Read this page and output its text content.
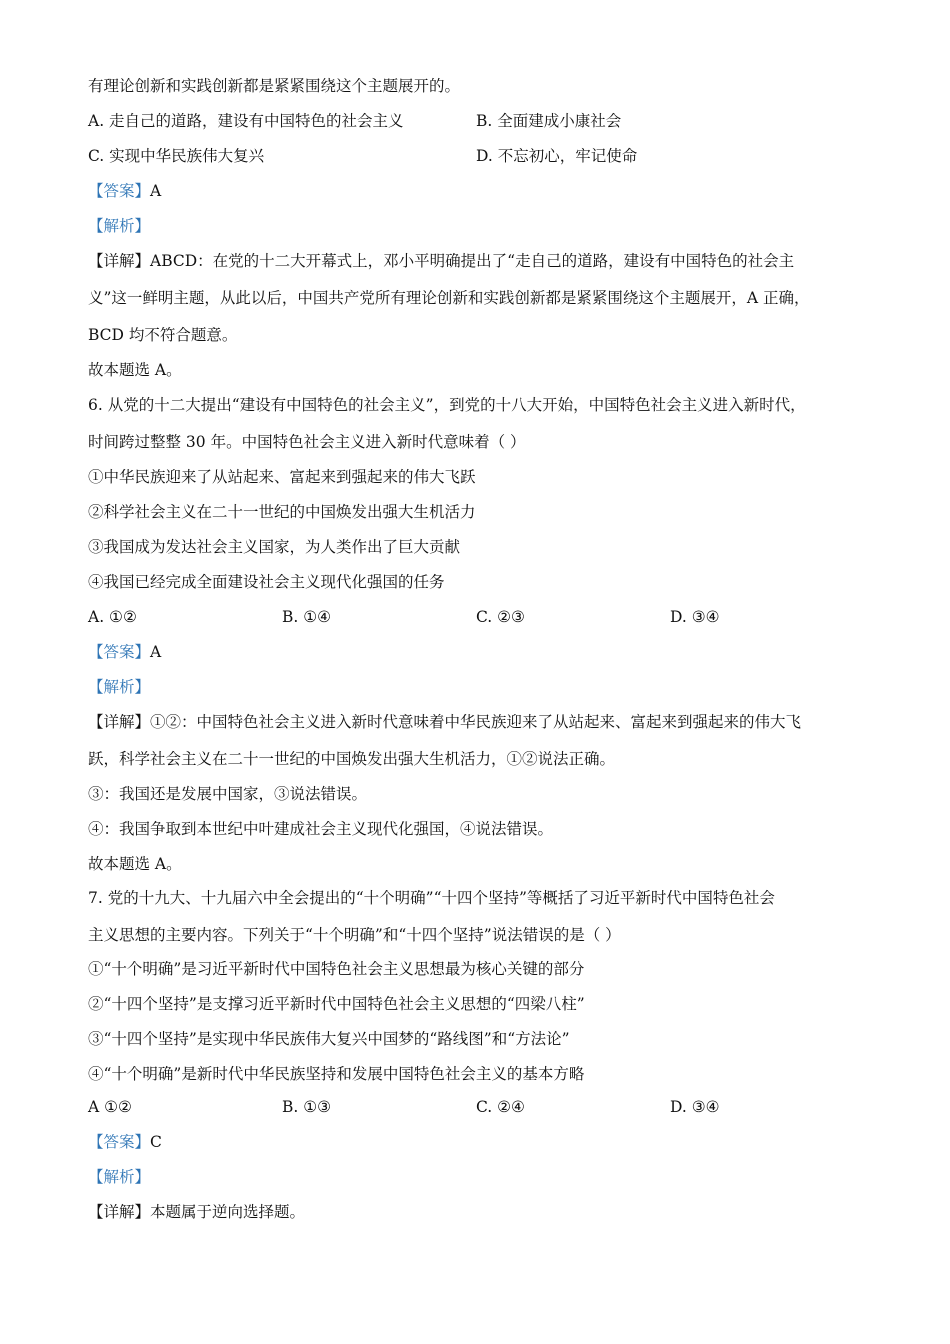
有理论创新和实践创新都是紧紧围绕这个主题展开的。
A. 走自己的道路，建设有中国特色的社会主义	B. 全面建成小康社会
C. 实现中华民族伟大复兴	D. 不忘初心，牢记使命
【答案】A
【解析】
【详解】ABCD：在党的十二大开幕式上，邓小平明确提出了“走自己的道路，建设有中国特色的社会主
义”这一鲜明主题，从此以后，中国共产党所有理论创新和实践创新都是紧紧围绕这个主题展开，A 正确，
BCD 均不符合题意。
故本题选 A。
6. 从党的十二大提出“建设有中国特色的社会主义”，到党的十八大开始，中国特色社会主义进入新时代，
时间跨过整整 30 年。中国特色社会主义进入新时代意味着（ ）
①中华民族迎来了从站起来、富起来到强起来的伟大飞跃
②科学社会主义在二十一世纪的中国焕发出强大生机活力
③我国成为发达社会主义国家，为人类作出了巨大贡献
④我国已经完成全面建设社会主义现代化强国的任务
A. ①②	B. ①④	C. ②③	D. ③④
【答案】A
【解析】
【详解】①②：中国特色社会主义进入新时代意味着中华民族迎来了从站起来、富起来到强起来的伟大飞
跃，科学社会主义在二十一世纪的中国焕发出强大生机活力，①②说法正确。
③：我国还是发展中国家，③说法错误。
④：我国争取到本世纪中叶建成社会主义现代化强国，④说法错误。
故本题选 A。
7. 党的十九大、十九届六中全会提出的“十个明确”“十四个坚持”等概括了习近平新时代中国特色社会
主义思想的主要内容。下列关于“十个明确”和“十四个坚持”说法错误的是（ ）
①“十个明确”是习近平新时代中国特色社会主义思想最为核心关键的部分
②“十四个坚持”是支撑习近平新时代中国特色社会主义思想的“四梁八柱”
③“十四个坚持”是实现中华民族伟大复兴中国梦的“路线图”和“方法论”
④“十个明确”是新时代中华民族坚持和发展中国特色社会主义的基本方略
A ①②	B. ①③	C. ②④	D. ③④
【答案】C
【解析】
【详解】本题属于逆向选择题。
